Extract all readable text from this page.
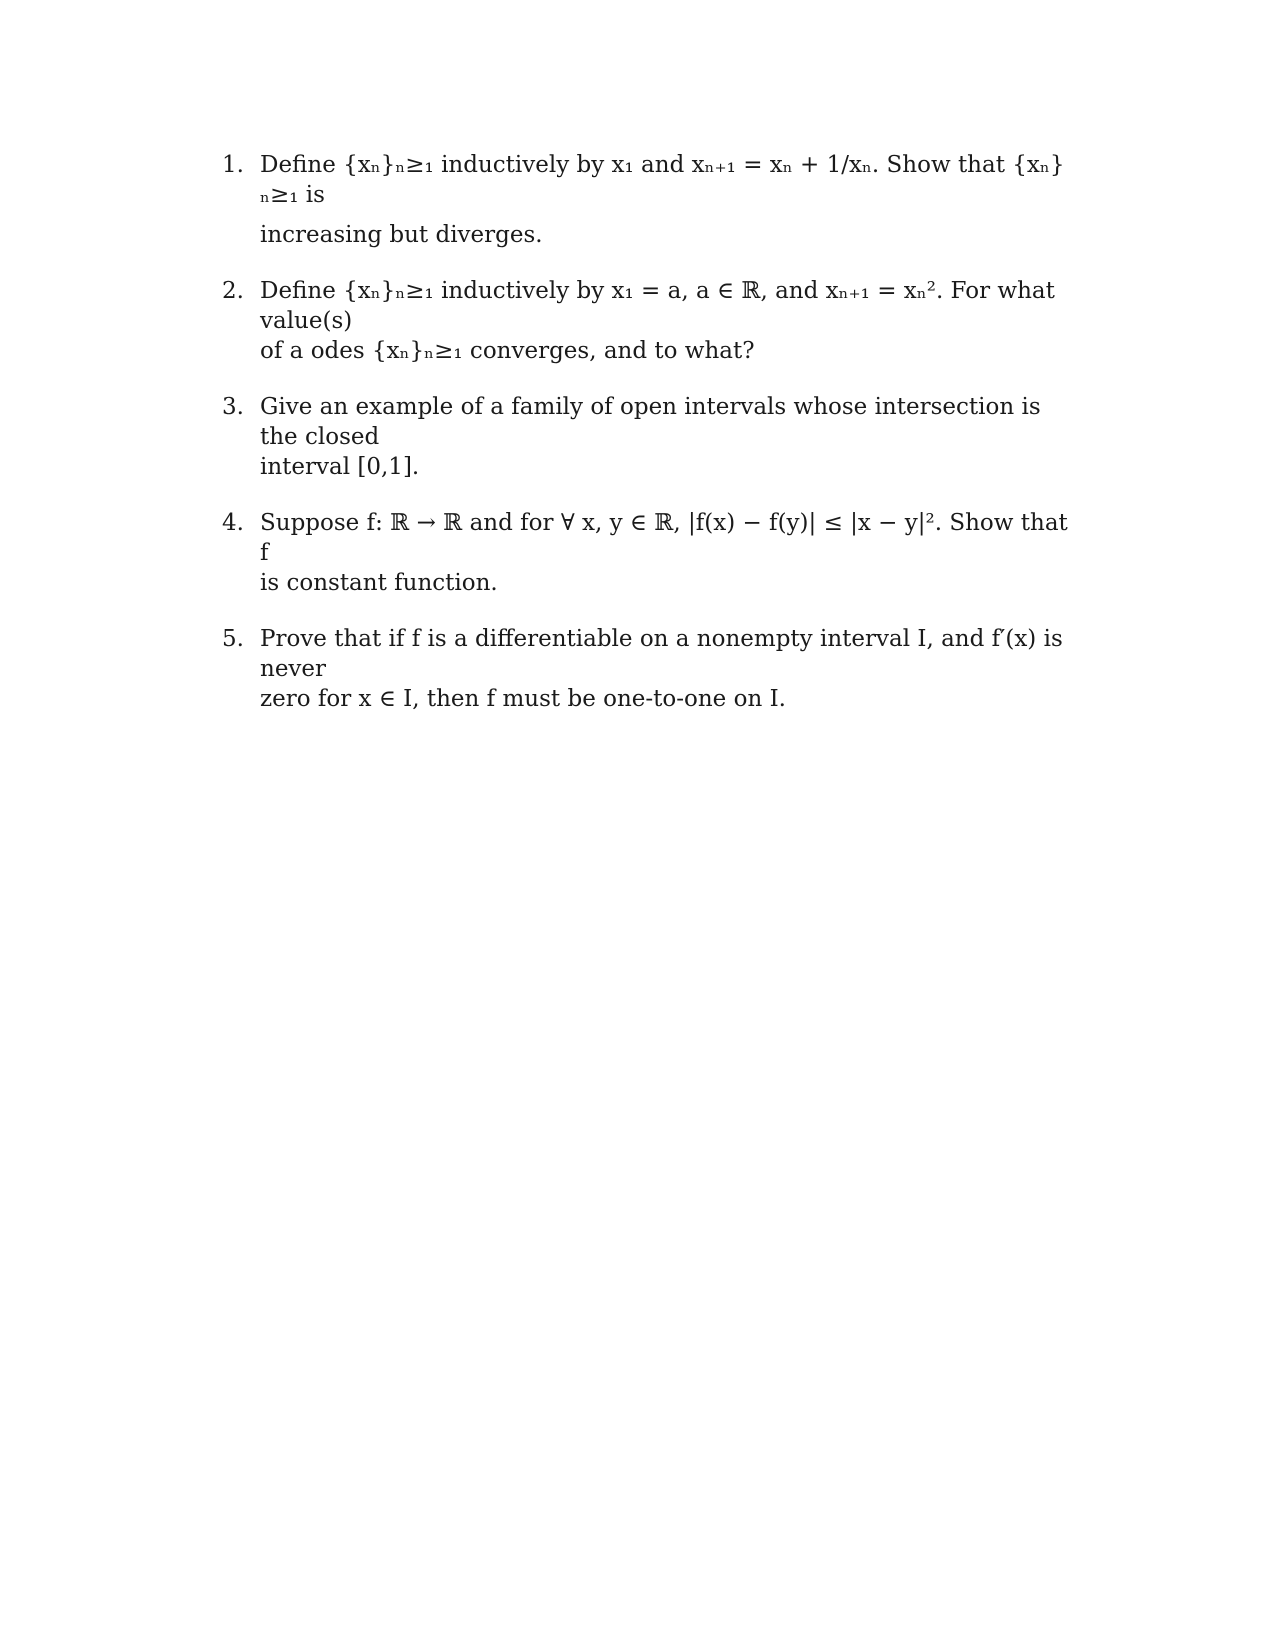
1. Define {xₙ}ₙ≥₁ inductively by x₁ and xₙ₊₁ = xₙ + 1/xₙ. Show that {xₙ}ₙ≥₁ is
increasing but diverges.
2. Define {xₙ}ₙ≥₁ inductively by x₁ = a, a ∈ ℝ, and xₙ₊₁ = xₙ². For what value(s)
of a odes {xₙ}ₙ≥₁ converges, and to what?
3. Give an example of a family of open intervals whose intersection is the closed
interval [0,1].
4. Suppose f: ℝ → ℝ and for ∀ x, y ∈ ℝ, |f(x) − f(y)| ≤ |x − y|². Show that f
is constant function.
5. Prove that if f is a differentiable on a nonempty interval I, and f′(x) is never
zero for x ∈ I, then f must be one-to-one on I.
